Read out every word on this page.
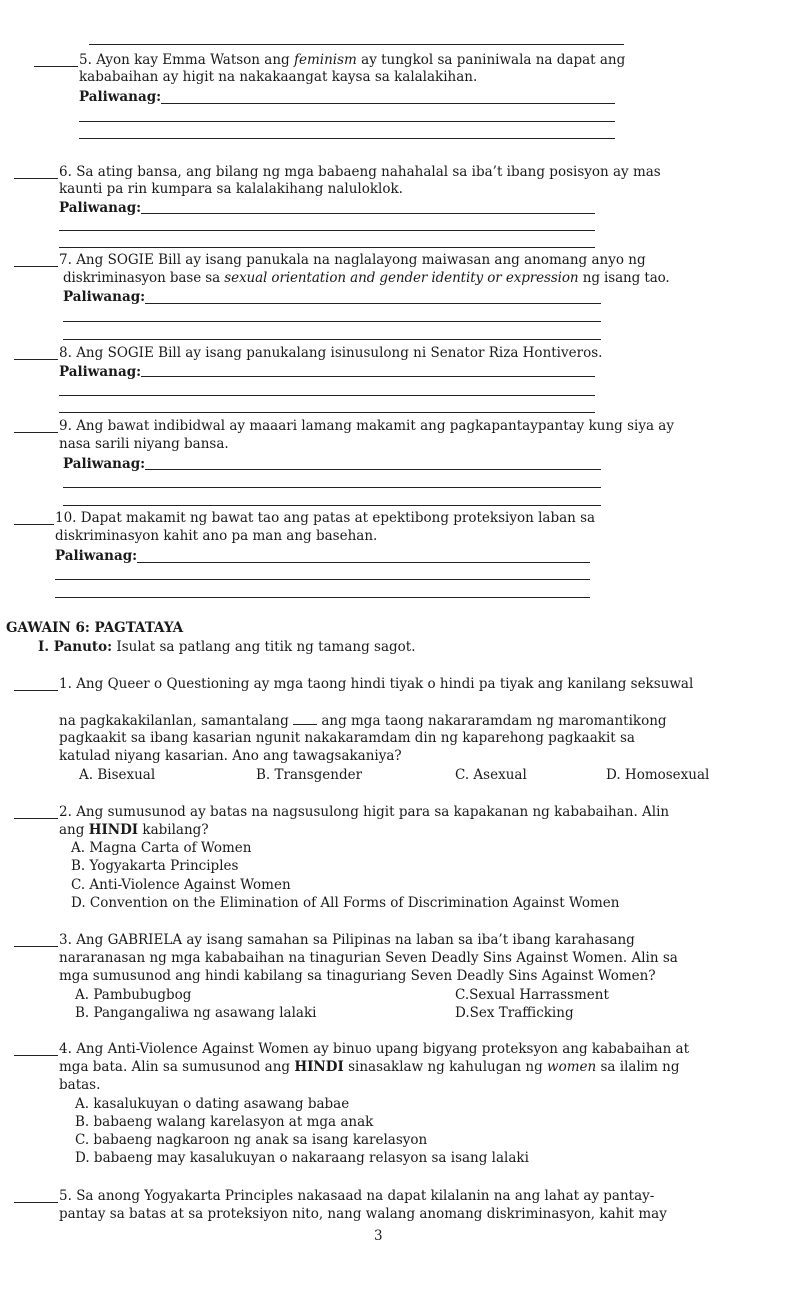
5. Ayon kay Emma Watson ang feminism ay tungkol sa paniniwala na dapat ang
kababaihan ay higit na nakakaangat kaysa sa kalalakihan.
Paliwanag:
6. Sa ating bansa, ang bilang ng mga babaeng nahahalal sa iba’t ibang posisyon ay mas
kaunti pa rin kumpara sa kalalakihang naluloklok.
Paliwanag:
7. Ang SOGIE Bill ay isang panukala na naglalayong maiwasan ang anomang anyo ng
diskriminasyon base sa sexual orientation and gender identity or expression ng isang tao.
Paliwanag:
8. Ang SOGIE Bill ay isang panukalang isinusulong ni Senator Riza Hontiveros.
Paliwanag:
9. Ang bawat indibidwal ay maaari lamang makamit ang pagkapantaypantay kung siya ay
nasa sarili niyang bansa.
Paliwanag:
10. Dapat makamit ng bawat tao ang patas at epektibong proteksiyon laban sa
diskriminasyon kahit ano pa man ang basehan.
Paliwanag:
GAWAIN 6: PAGTATAYA
I. Panuto: Isulat sa patlang ang titik ng tamang sagot.
1. Ang Queer o Questioning ay mga taong hindi tiyak o hindi pa tiyak ang kanilang seksuwal
na pagkakakilanlan, samantalang ang mga taong nakararamdam ng maromantikong
pagkaakit sa ibang kasarian ngunit nakakaramdam din ng kaparehong pagkaakit sa
katulad niyang kasarian. Ano ang tawagsakaniya?
A. Bisexual	B. Transgender	C. Asexual	D. Homosexual
2. Ang sumusunod ay batas na nagsusulong higit para sa kapakanan ng kababaihan. Alin
ang HINDI kabilang?
A. Magna Carta of Women
B. Yogyakarta Principles
C. Anti-Violence Against Women
D. Convention on the Elimination of All Forms of Discrimination Against Women
3. Ang GABRIELA ay isang samahan sa Pilipinas na laban sa iba’t ibang karahasang
nararanasan ng mga kababaihan na tinagurian Seven Deadly Sins Against Women. Alin sa
mga sumusunod ang hindi kabilang sa tinaguriang Seven Deadly Sins Against Women?
A. Pambubugbog	C.Sexual Harrassment
B. Pangangaliwa ng asawang lalaki	D.Sex Trafficking
4. Ang Anti-Violence Against Women ay binuo upang bigyang proteksyon ang kababaihan at
mga bata. Alin sa sumusunod ang HINDI sinasaklaw ng kahulugan ng women sa ilalim ng
batas.
A. kasalukuyan o dating asawang babae
B. babaeng walang karelasyon at mga anak
C. babaeng nagkaroon ng anak sa isang karelasyon
D. babaeng may kasalukuyan o nakaraang relasyon sa isang lalaki
5. Sa anong Yogyakarta Principles nakasaad na dapat kilalanin na ang lahat ay pantay-
pantay sa batas at sa proteksiyon nito, nang walang anomang diskriminasyon, kahit may
3
